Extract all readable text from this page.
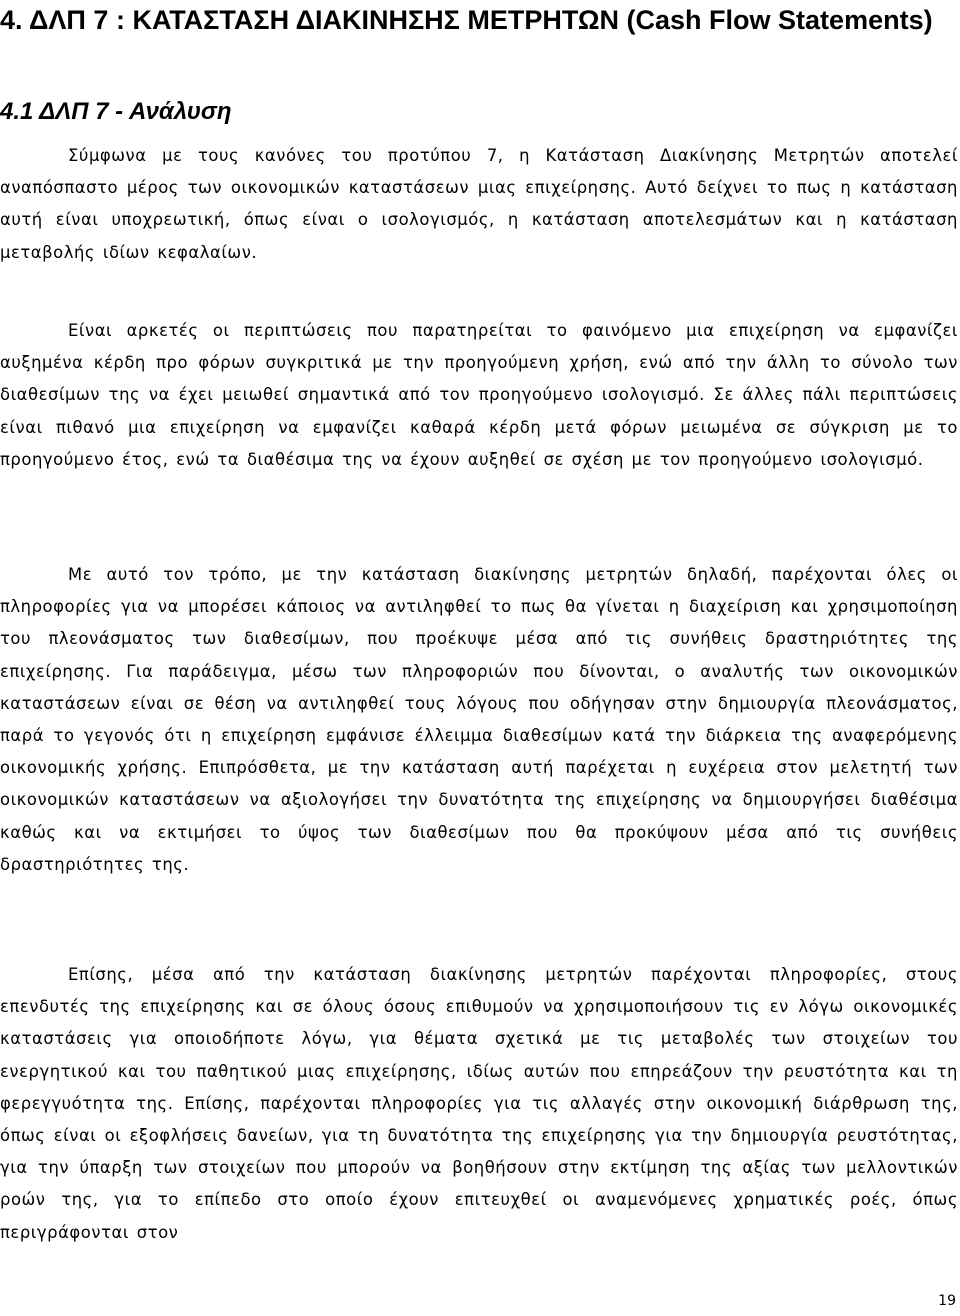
4. ΔΛΠ 7 : ΚΑΤΑΣΤΑΣΗ ΔΙΑΚΙΝΗΣΗΣ ΜΕΤΡΗΤΩΝ (Cash Flow Statements)
4.1 ΔΛΠ 7 - Ανάλυση

Σύμφωνα με τους κανόνες του προτύπου 7, η Κατάσταση Διακίνησης Μετρητών αποτελεί αναπόσπαστο μέρος των οικονομικών καταστάσεων μιας επιχείρησης. Αυτό δείχνει το πως η κατάσταση αυτή είναι υποχρεωτική, όπως είναι ο ισολογισμός, η κατάσταση αποτελεσμάτων και η κατάσταση μεταβολής ιδίων κεφαλαίων.

Είναι αρκετές οι περιπτώσεις που παρατηρείται το φαινόμενο μια επιχείρηση να εμφανίζει αυξημένα κέρδη προ φόρων συγκριτικά με την προηγούμενη χρήση, ενώ από την άλλη το σύνολο των διαθεσίμων της να έχει μειωθεί σημαντικά από τον προηγούμενο ισολογισμό. Σε άλλες πάλι περιπτώσεις είναι πιθανό μια επιχείρηση να εμφανίζει καθαρά κέρδη μετά φόρων μειωμένα σε σύγκριση με το προηγούμενο έτος, ενώ τα διαθέσιμα της να έχουν αυξηθεί σε σχέση με τον προηγούμενο ισολογισμό.

Με αυτό τον τρόπο, με την κατάσταση διακίνησης μετρητών δηλαδή, παρέχονται όλες οι πληροφορίες για να μπορέσει κάποιος να αντιληφθεί το πως θα γίνεται η διαχείριση και χρησιμοποίηση του πλεονάσματος των διαθεσίμων, που προέκυψε μέσα από τις συνήθεις δραστηριότητες της επιχείρησης. Για παράδειγμα, μέσω των πληροφοριών που δίνονται, ο αναλυτής των οικονομικών καταστάσεων είναι σε θέση να αντιληφθεί τους λόγους που οδήγησαν στην δημιουργία πλεονάσματος, παρά το γεγονός ότι η επιχείρηση εμφάνισε έλλειμμα διαθεσίμων κατά την διάρκεια της αναφερόμενης οικονομικής χρήσης. Επιπρόσθετα, με την κατάσταση αυτή παρέχεται η ευχέρεια στον μελετητή των οικονομικών καταστάσεων να αξιολογήσει την δυνατότητα της επιχείρησης να δημιουργήσει διαθέσιμα καθώς και να εκτιμήσει το ύψος των διαθεσίμων που θα προκύψουν μέσα από τις συνήθεις δραστηριότητες της.

Επίσης, μέσα από την κατάσταση διακίνησης μετρητών παρέχονται πληροφορίες, στους επενδυτές της επιχείρησης και σε όλους όσους επιθυμούν να χρησιμοποιήσουν τις εν λόγω οικονομικές καταστάσεις για οποιοδήποτε λόγω, για θέματα σχετικά με τις μεταβολές των στοιχείων του ενεργητικού και του παθητικού μιας επιχείρησης, ιδίως αυτών που επηρεάζουν την ρευστότητα και τη φερεγγυότητα της. Επίσης, παρέχονται πληροφορίες για τις αλλαγές στην οικονομική διάρθρωση της, όπως είναι οι εξοφλήσεις δανείων, για τη δυνατότητα της επιχείρησης για την δημιουργία ρευστότητας, για την ύπαρξη των στοιχείων που μπορούν να βοηθήσουν στην εκτίμηση της αξίας των μελλοντικών ροών της, για το επίπεδο στο οποίο έχουν επιτευχθεί οι αναμενόμενες χρηματικές ροές, όπως περιγράφονται στον

19
